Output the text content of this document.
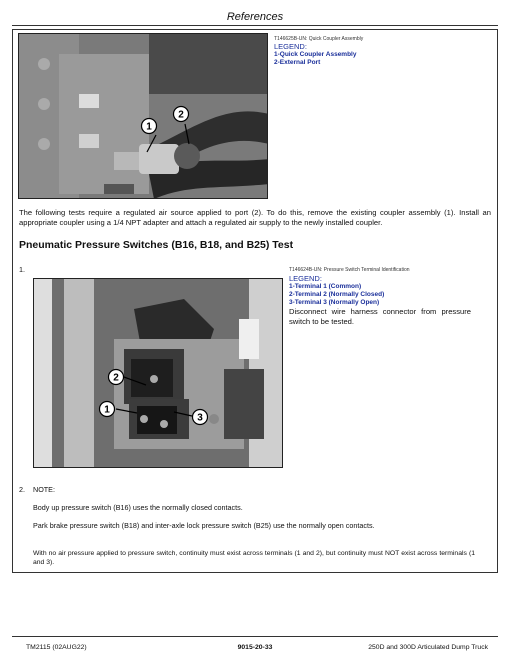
References
1
2
T146625B-UN: Quick Coupler Assembly
LEGEND:
1-Quick Coupler Assembly
2-External Port
The following tests require a regulated air source applied to port (2). To do this, remove the existing coupler assembly (1). Install an appropriate coupler using a 1/4 NPT adapter and attach a regulated air supply to the newly installed coupler.
Pneumatic Pressure Switches (B16, B18, and B25) Test
1.
2
1
3
T146624B-UN: Pressure Switch Terminal Identification
LEGEND:
1-Terminal 1 (Common)
2-Terminal 2 (Normally Closed)
3-Terminal 3 (Normally Open)
Disconnect wire harness connector from pressure switch to be tested.
2. NOTE:
Body up pressure switch (B16) uses the normally closed contacts.
Park brake pressure switch (B18) and inter-axle lock pressure switch (B25) use the normally open contacts.
With no air pressure applied to pressure switch, continuity must exist across terminals (1 and 2), but continuity must NOT exist across terminals (1 and 3).
TM2115 (02AUG22)	9015-20-33	250D and 300D Articulated Dump Truck
